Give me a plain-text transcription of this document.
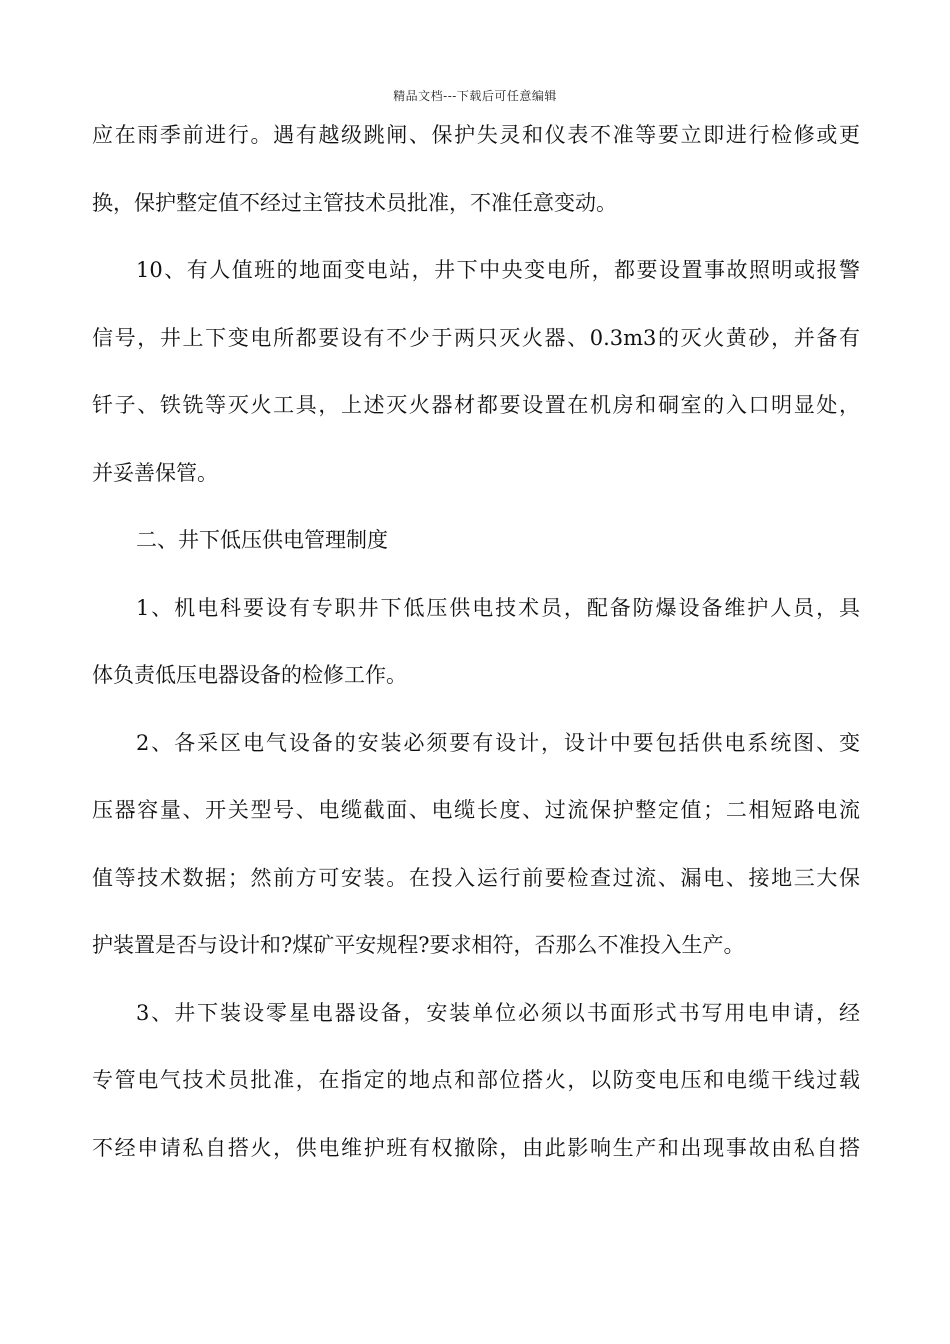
精品文档---下载后可任意编辑
应在雨季前进行。遇有越级跳闸、保护失灵和仪表不准等要立即进行检修或更
换，保护整定值不经过主管技术员批准，不准任意变动。
10、有人值班的地面变电站，井下中央变电所，都要设置事故照明或报警
信号，井上下变电所都要设有不少于两只灭火器、0.3m3的灭火黄砂，并备有
钎子、铁铣等灭火工具，上述灭火器材都要设置在机房和硐室的入口明显处，
并妥善保管。
二、井下低压供电管理制度
1、机电科要设有专职井下低压供电技术员，配备防爆设备维护人员，具
体负责低压电器设备的检修工作。
2、各采区电气设备的安装必须要有设计，设计中要包括供电系统图、变
压器容量、开关型号、电缆截面、电缆长度、过流保护整定值；二相短路电流
值等技术数据；然前方可安装。在投入运行前要检查过流、漏电、接地三大保
护装置是否与设计和?煤矿平安规程?要求相符，否那么不准投入生产。
3、井下装设零星电器设备，安装单位必须以书面形式书写用电申请，经
专管电气技术员批准，在指定的地点和部位搭火，以防变电压和电缆干线过载
不经申请私自搭火，供电维护班有权撤除，由此影响生产和出现事故由私自搭
